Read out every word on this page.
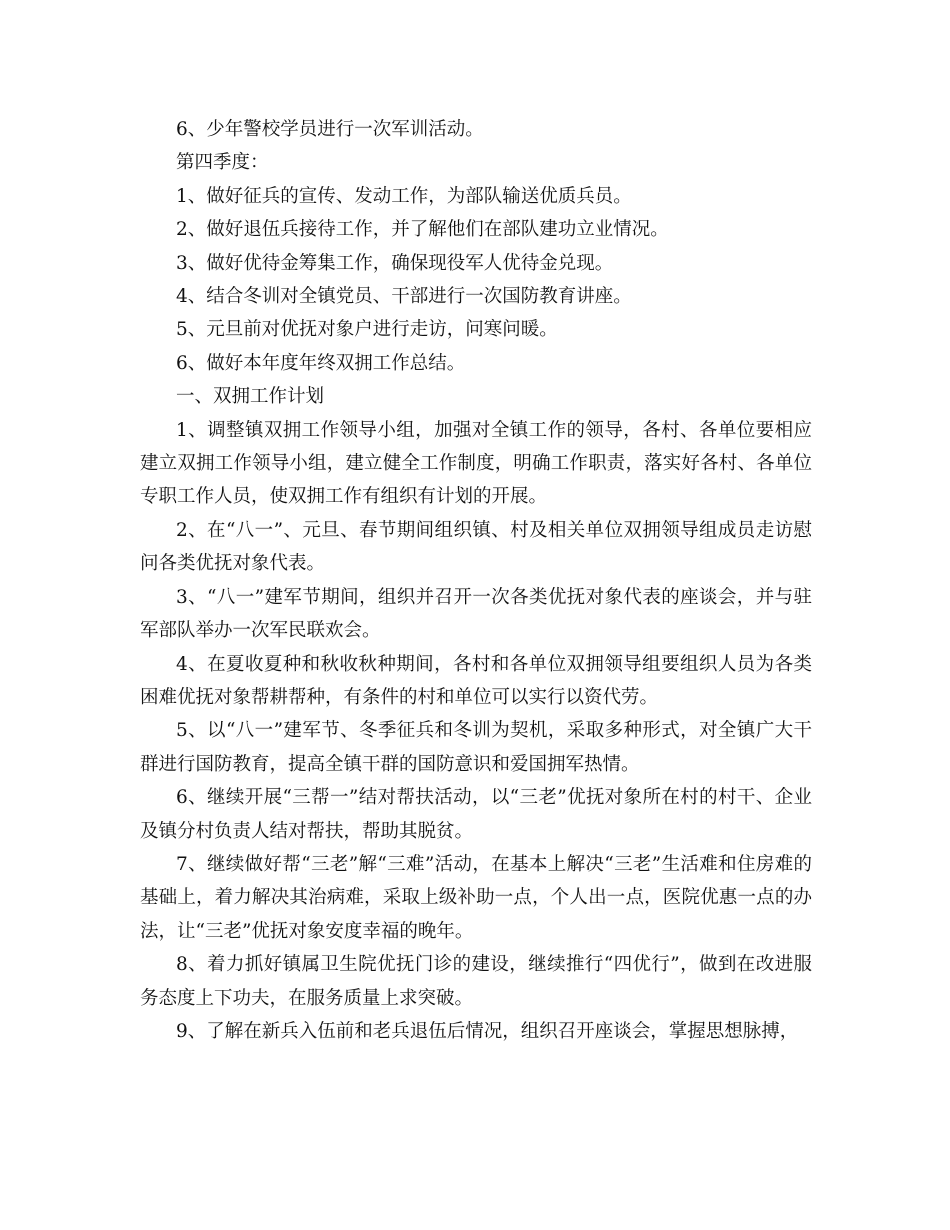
6、少年警校学员进行一次军训活动。

第四季度：

1、做好征兵的宣传、发动工作，为部队输送优质兵员。

2、做好退伍兵接待工作，并了解他们在部队建功立业情况。

3、做好优待金筹集工作，确保现役军人优待金兑现。

4、结合冬训对全镇党员、干部进行一次国防教育讲座。

5、元旦前对优抚对象户进行走访，问寒问暖。

6、做好本年度年终双拥工作总结。

一、双拥工作计划

1、调整镇双拥工作领导小组，加强对全镇工作的领导，各村、各单位要相应建立双拥工作领导小组，建立健全工作制度，明确工作职责，落实好各村、各单位专职工作人员，使双拥工作有组织有计划的开展。

2、在“八一”、元旦、春节期间组织镇、村及相关单位双拥领导组成员走访慰问各类优抚对象代表。

3、“八一”建军节期间，组织并召开一次各类优抚对象代表的座谈会，并与驻军部队举办一次军民联欢会。

4、在夏收夏种和秋收秋种期间，各村和各单位双拥领导组要组织人员为各类困难优抚对象帮耕帮种，有条件的村和单位可以实行以资代劳。

5、以“八一”建军节、冬季征兵和冬训为契机，采取多种形式，对全镇广大干群进行国防教育，提高全镇干群的国防意识和爱国拥军热情。

6、继续开展“三帮一”结对帮扶活动，以“三老”优抚对象所在村的村干、企业及镇分村负责人结对帮扶，帮助其脱贫。

7、继续做好帮“三老”解“三难”活动，在基本上解决“三老”生活难和住房难的基础上，着力解决其治病难，采取上级补助一点，个人出一点，医院优惠一点的办法，让“三老”优抚对象安度幸福的晚年。

8、着力抓好镇属卫生院优抚门诊的建设，继续推行“四优行”，做到在改进服务态度上下功夫，在服务质量上求突破。

9、了解在新兵入伍前和老兵退伍后情况，组织召开座谈会，掌握思想脉搏，
